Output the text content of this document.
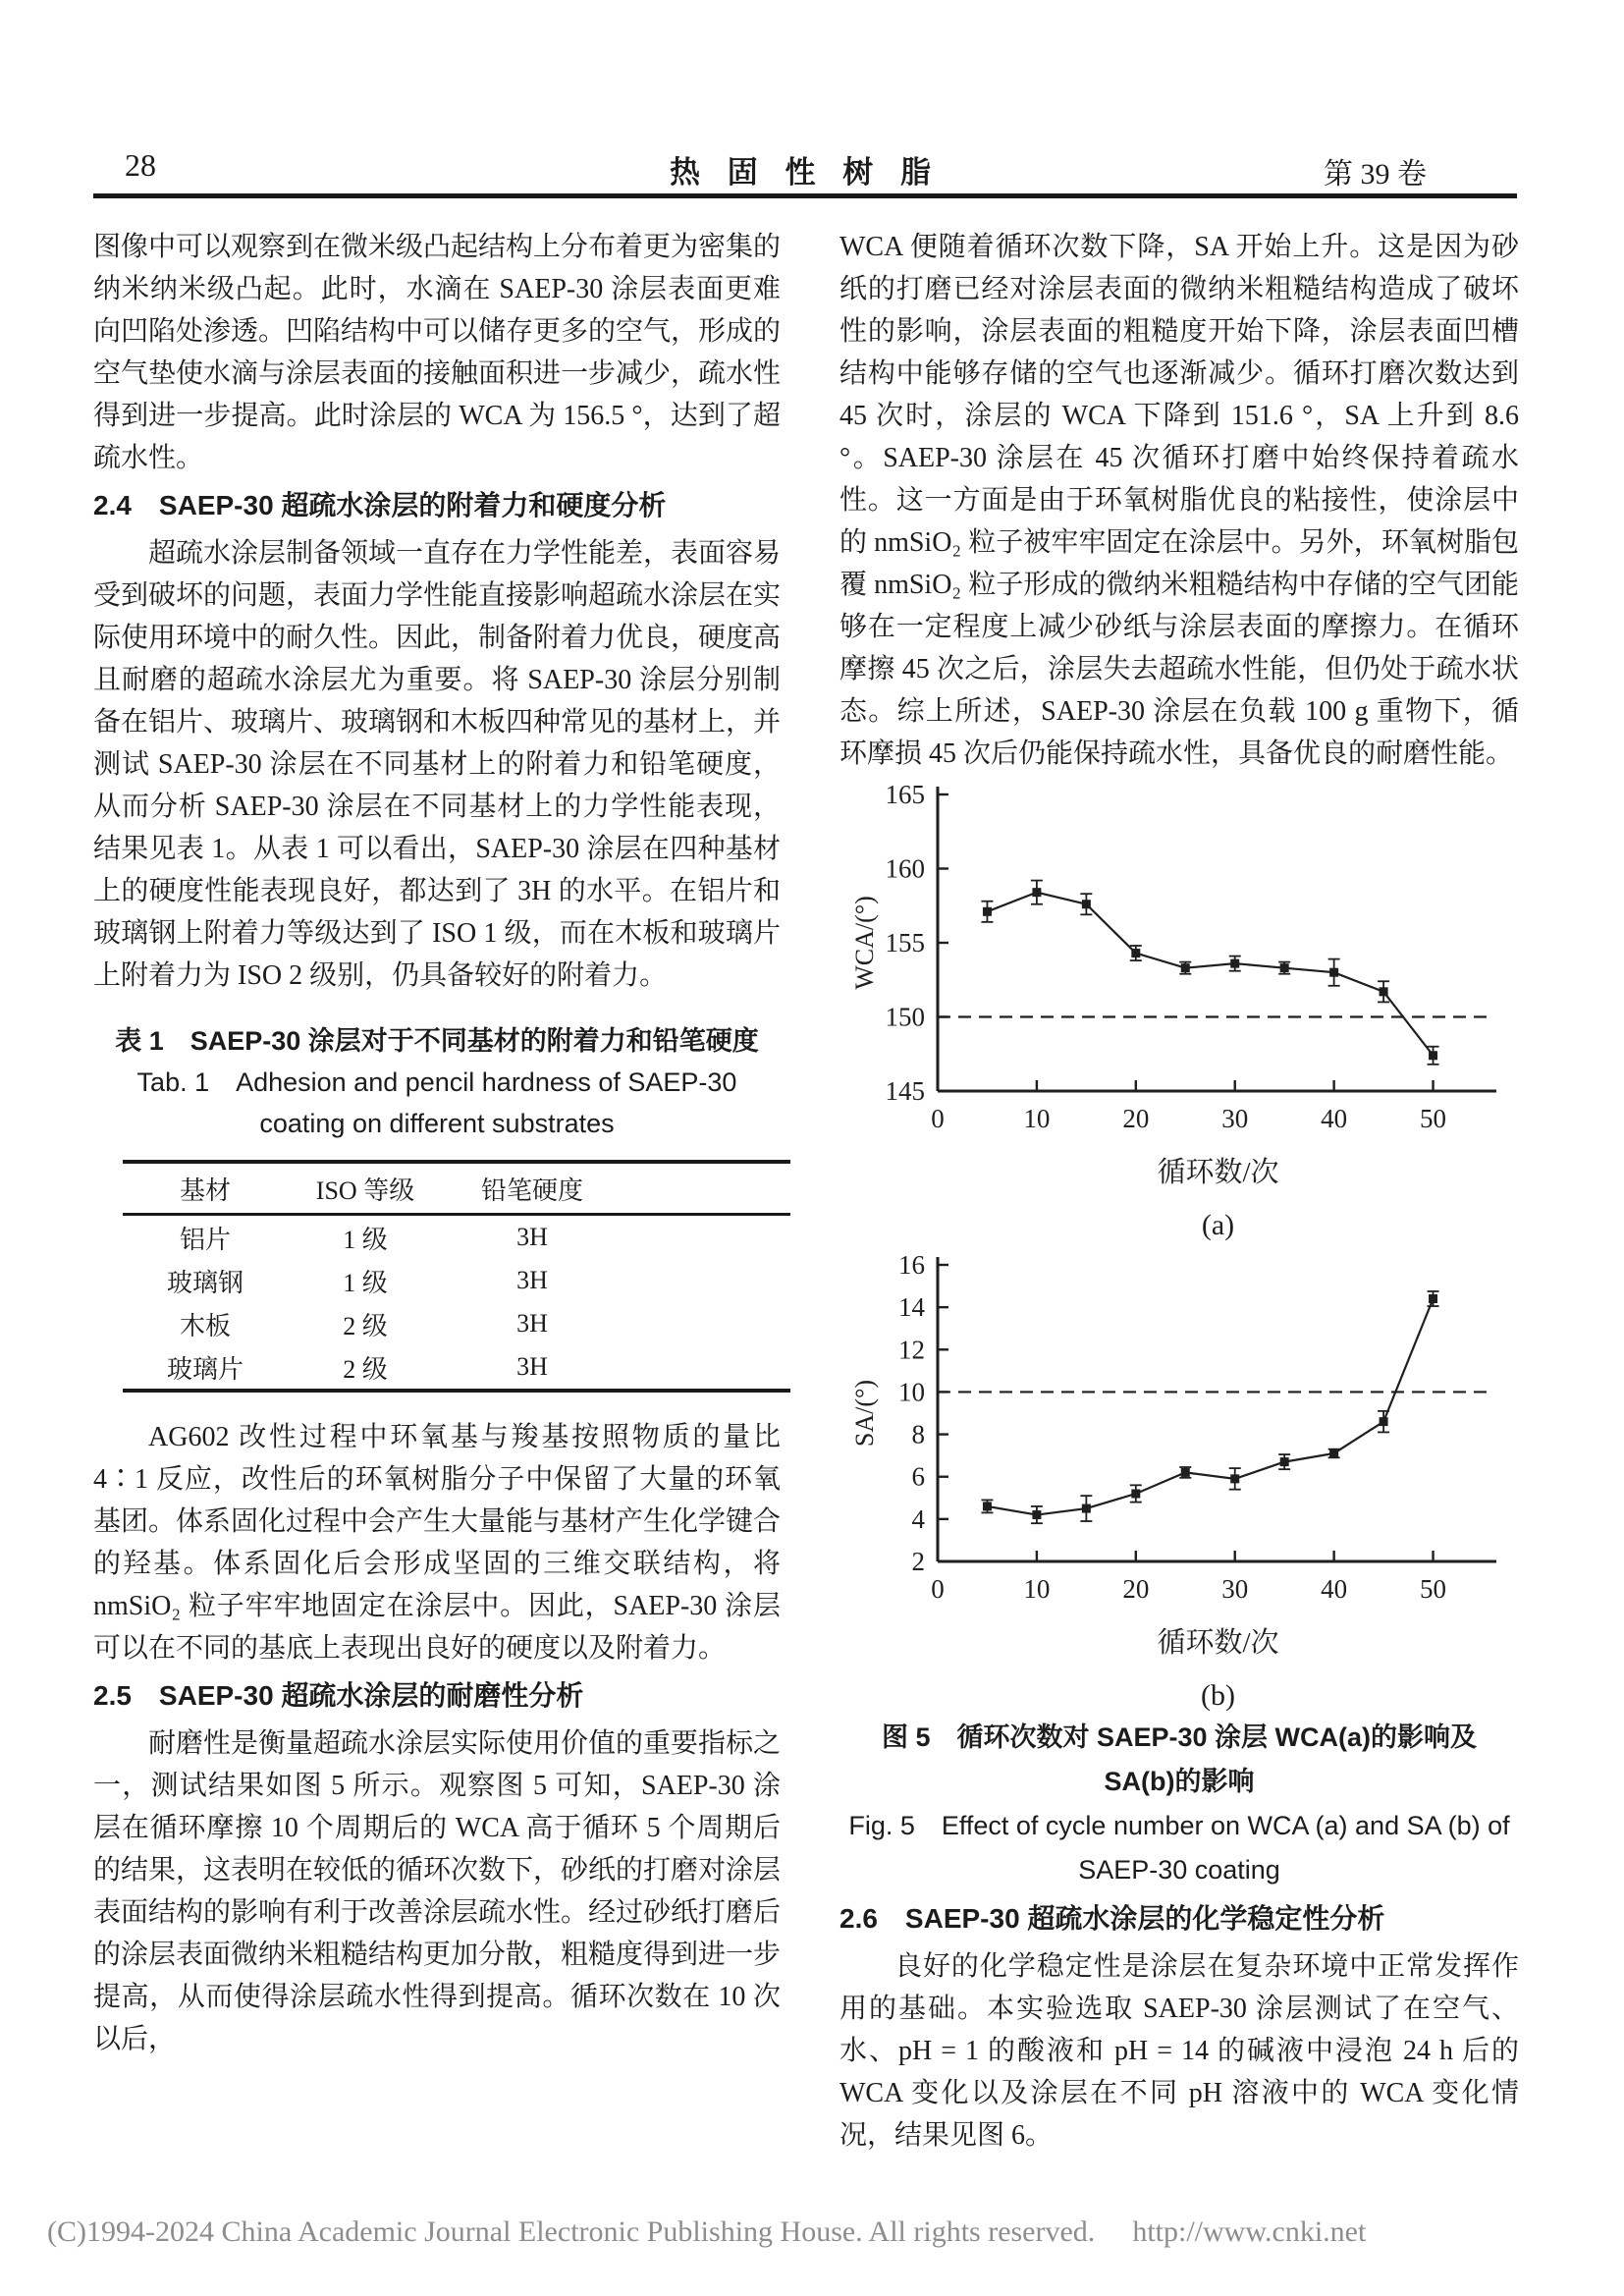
28	热 固 性 树 脂	第 39 卷

图像中可以观察到在微米级凸起结构上分布着更为密集的纳米纳米级凸起。此时，水滴在 SAEP-30 涂层表面更难向凹陷处渗透。凹陷结构中可以储存更多的空气，形成的空气垫使水滴与涂层表面的接触面积进一步减少，疏水性得到进一步提高。此时涂层的 WCA 为 156.5 °，达到了超疏水性。

2.4　SAEP-30 超疏水涂层的附着力和硬度分析

超疏水涂层制备领域一直存在力学性能差，表面容易受到破坏的问题，表面力学性能直接影响超疏水涂层在实际使用环境中的耐久性。因此，制备附着力优良，硬度高且耐磨的超疏水涂层尤为重要。将 SAEP-30 涂层分别制备在铝片、玻璃片、玻璃钢和木板四种常见的基材上，并测试 SAEP-30 涂层在不同基材上的附着力和铅笔硬度，从而分析 SAEP-30 涂层在不同基材上的力学性能表现，结果见表 1。从表 1 可以看出，SAEP-30 涂层在四种基材上的硬度性能表现良好，都达到了 3H 的水平。在铝片和玻璃钢上附着力等级达到了 ISO 1 级，而在木板和玻璃片上附着力为 ISO 2 级别，仍具备较好的附着力。

表 1　SAEP-30 涂层对于不同基材的附着力和铅笔硬度
Tab. 1　Adhesion and pencil hardness of SAEP-30
coating on different substrates
基材	ISO 等级	铅笔硬度	
铝片	1 级	3H	
玻璃钢	1 级	3H	
木板	2 级	3H	
玻璃片	2 级	3H	

AG602 改性过程中环氧基与羧基按照物质的量比 4∶1 反应，改性后的环氧树脂分子中保留了大量的环氧基团。体系固化过程中会产生大量能与基材产生化学键合的羟基。体系固化后会形成坚固的三维交联结构，将 nmSiO₂ 粒子牢牢地固定在涂层中。因此，SAEP-30 涂层可以在不同的基底上表现出良好的硬度以及附着力。

2.5　SAEP-30 超疏水涂层的耐磨性分析

耐磨性是衡量超疏水涂层实际使用价值的重要指标之一，测试结果如图 5 所示。观察图 5 可知，SAEP-30 涂层在循环摩擦 10 个周期后的 WCA 高于循环 5 个周期后的结果，这表明在较低的循环次数下，砂纸的打磨对涂层表面结构的影响有利于改善涂层疏水性。经过砂纸打磨后的涂层表面微纳米粗糙结构更加分散，粗糙度得到进一步提高，从而使得涂层疏水性得到提高。循环次数在 10 次以后，

WCA 便随着循环次数下降，SA 开始上升。这是因为砂纸的打磨已经对涂层表面的微纳米粗糙结构造成了破坏性的影响，涂层表面的粗糙度开始下降，涂层表面凹槽结构中能够存储的空气也逐渐减少。循环打磨次数达到 45 次时，涂层的 WCA 下降到 151.6 °，SA 上升到 8.6 °。SAEP-30 涂层在 45 次循环打磨中始终保持着疏水性。这一方面是由于环氧树脂优良的粘接性，使涂层中的 nmSiO₂ 粒子被牢牢固定在涂层中。另外，环氧树脂包覆 nmSiO₂ 粒子形成的微纳米粗糙结构中存储的空气团能够在一定程度上减少砂纸与涂层表面的摩擦力。在循环摩擦 45 次之后，涂层失去超疏水性能，但仍处于疏水状态。综上所述，SAEP-30 涂层在负载 100 g 重物下，循环摩损 45 次后仍能保持疏水性，具备优良的耐磨性能。

145
150
155
160
165
0	10	20	30	40	50
WCA/(°)
循环数/次
(a)
2
4
6
8
10
12
14
16
0	10	20	30	40	50
SA/(°)
循环数/次
(b)
图 5　循环次数对 SAEP-30 涂层 WCA(a)的影响及
SA(b)的影响
Fig. 5　Effect of cycle number on WCA (a) and SA (b) of
SAEP-30 coating
2.6　SAEP-30 超疏水涂层的化学稳定性分析

良好的化学稳定性是涂层在复杂环境中正常发挥作用的基础。本实验选取 SAEP-30 涂层测试了在空气、水、pH = 1 的酸液和 pH = 14 的碱液中浸泡 24 h 后的 WCA 变化以及涂层在不同 pH 溶液中的 WCA 变化情况，结果见图 6。

(C)1994-2024 China Academic Journal Electronic Publishing House. All rights reserved. http://www.cnki.net
